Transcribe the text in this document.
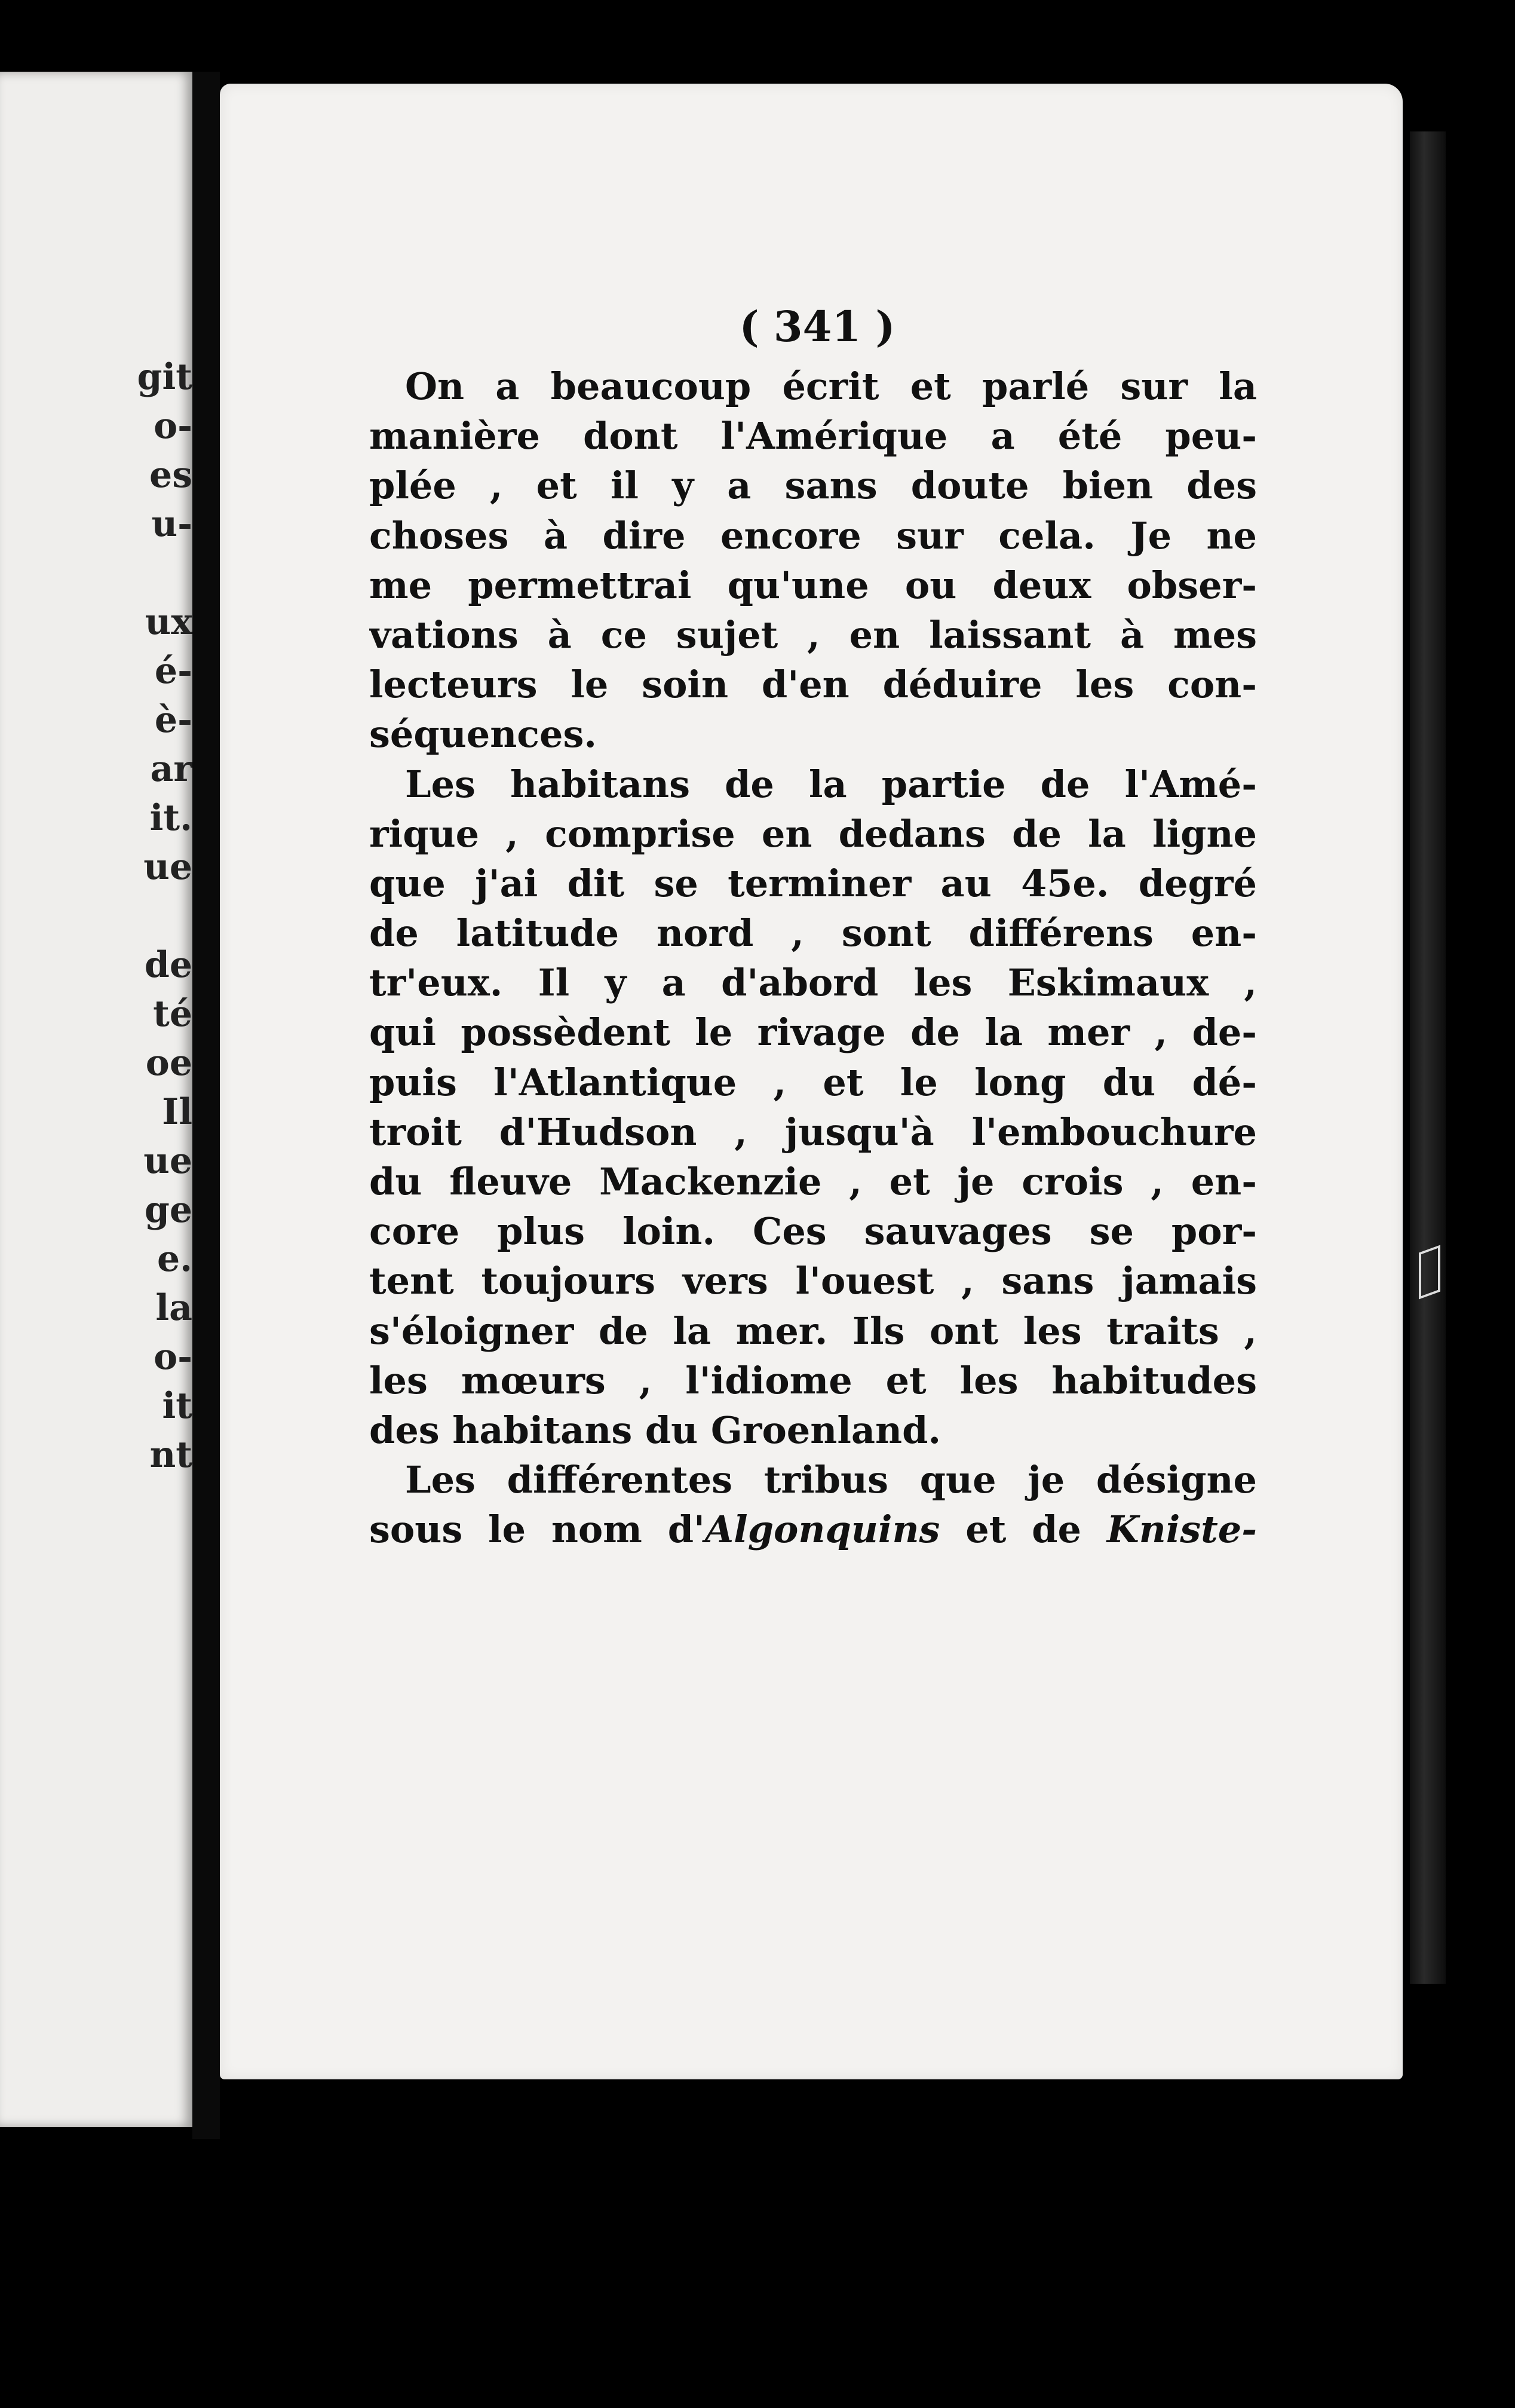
git
o-
es
u-
ux
é-
è-
ar
it.
ue
de
té
oe
Il
ue
ge
e.
la
o-
it
nt
( 341 )
On a beaucoup écrit et parlé sur la
manière dont l'Amérique a été peu-
plée , et il y a sans doute bien des
choses à dire encore sur cela. Je ne
me permettrai qu'une ou deux obser-
vations à ce sujet , en laissant à mes
lecteurs le soin d'en déduire les con-
séquences.
Les habitans de la partie de l'Amé-
rique , comprise en dedans de la ligne
que j'ai dit se terminer au 45e. degré
de latitude nord , sont différens en-
tr'eux. Il y a d'abord les Eskimaux ,
qui possèdent le rivage de la mer , de-
puis l'Atlantique , et le long du dé-
troit d'Hudson , jusqu'à l'embouchure
du fleuve Mackenzie , et je crois , en-
core plus loin. Ces sauvages se por-
tent toujours vers l'ouest , sans jamais
s'éloigner de la mer. Ils ont les traits ,
les mœurs , l'idiome et les habitudes
des habitans du Groenland.
Les différentes tribus que je désigne
sous le nom d'Algonquins et de Kniste-
